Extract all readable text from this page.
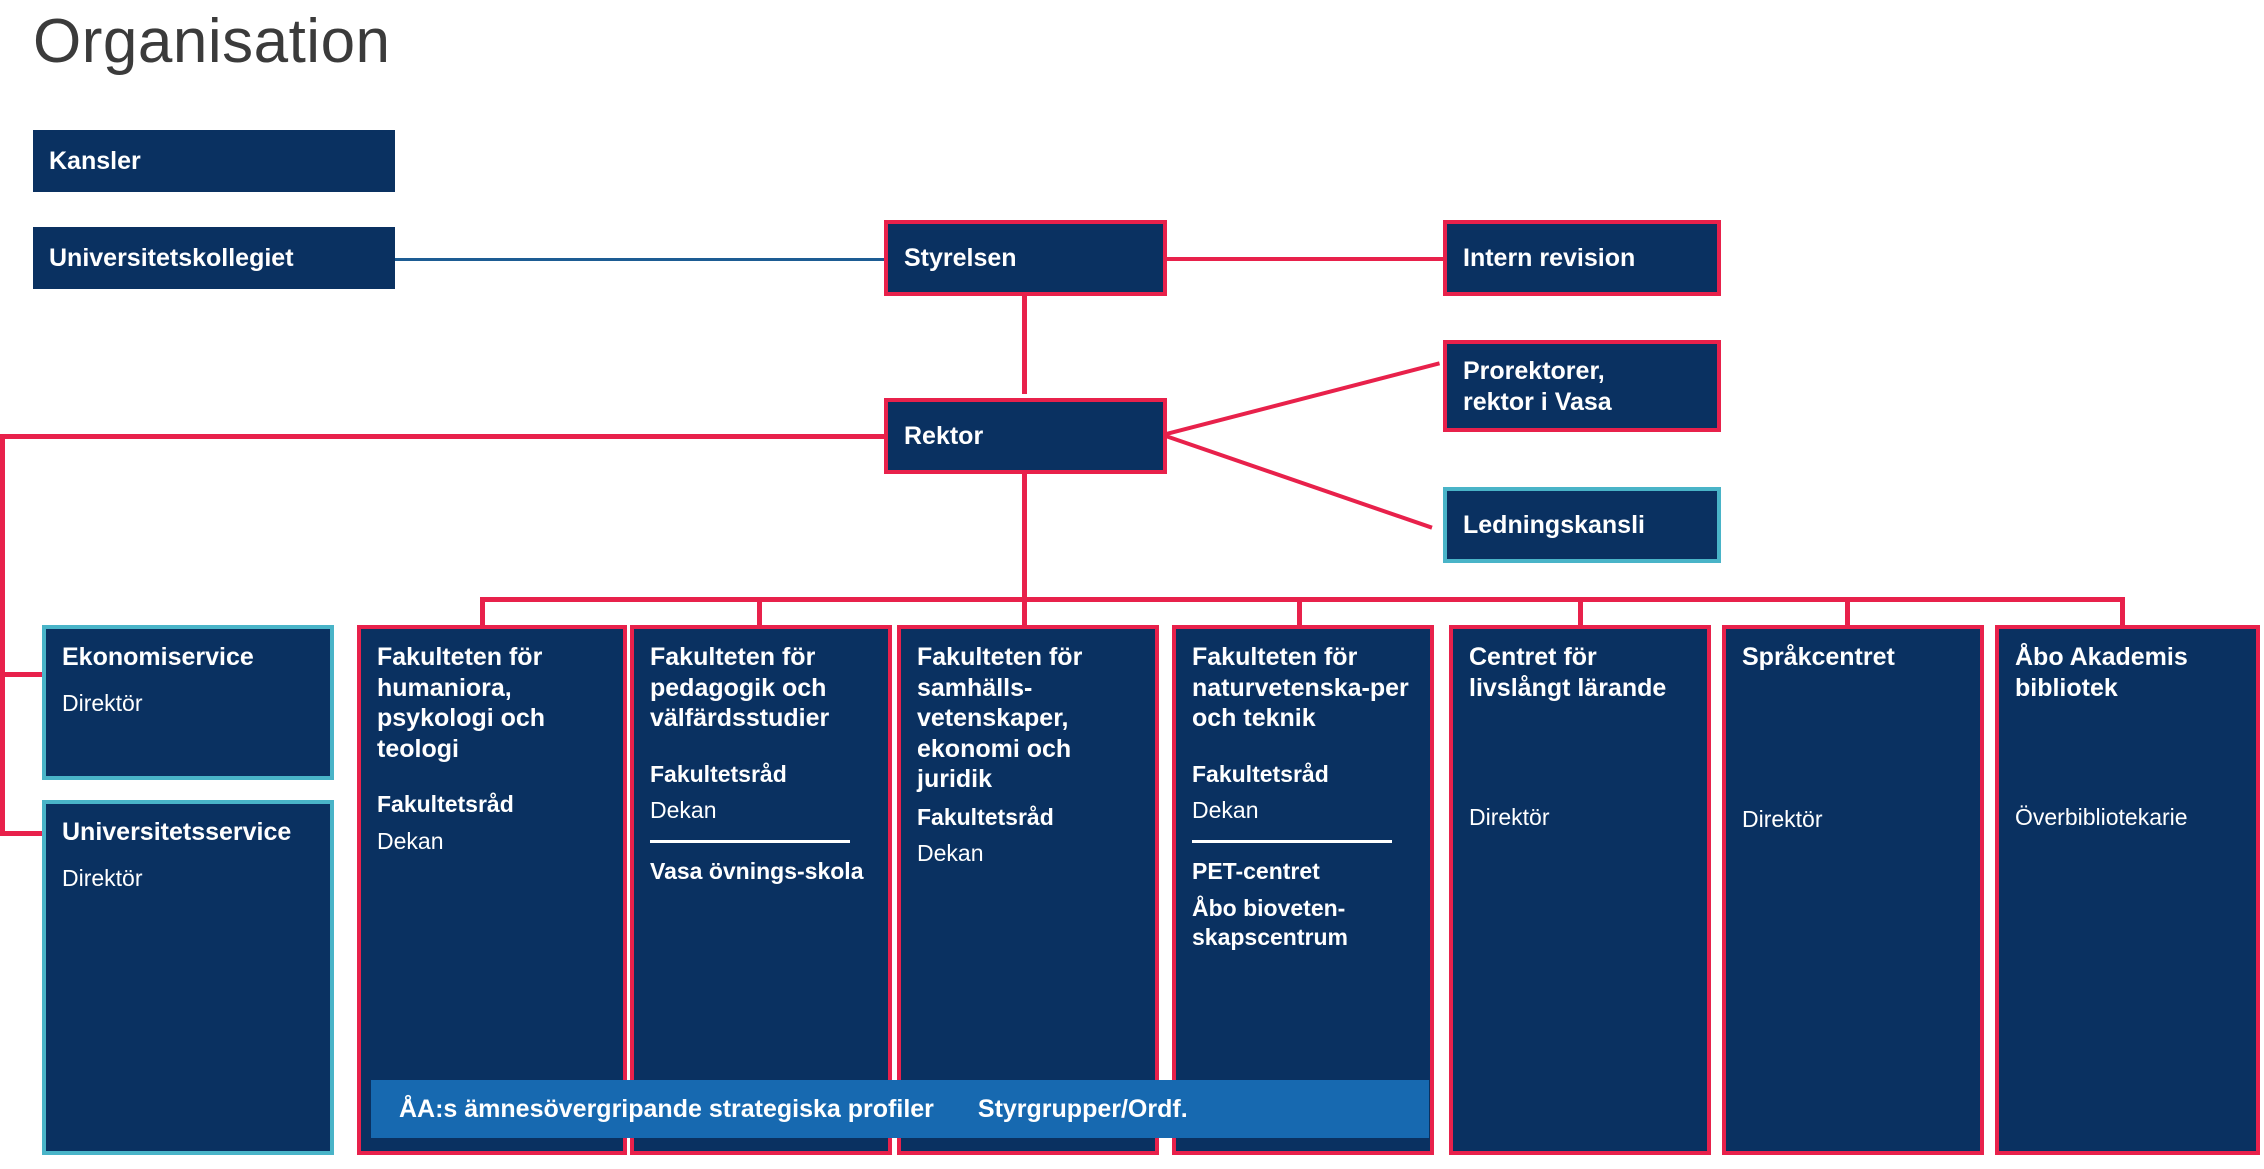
Organisation
Kansler
Universitetskollegiet	Styrelsen	Intern revision
Rektor
Prorektorer,
rektor i Vasa
Ledningskansli
Ekonomiservice
Direktör
Universitetsservice
Direktör
Fakulteten för humaniora, psykologi och teologi
Fakultetsråd
Dekan
Fakulteten för pedagogik och välfärdsstudier
Fakultetsråd
Dekan
Vasa övnings-skola
Fakulteten för samhälls-vetenskaper, ekonomi och juridik
Fakultetsråd
Dekan
Fakulteten för naturvetenska-per och teknik
Fakultetsråd
Dekan
PET-centret
Åbo bioveten-skapscentrum
Centret för livslångt lärande
Direktör
Språkcentret
Direktör
Åbo Akademis bibliotek
Överbibliotekarie
ÅA:s ämnesövergripande strategiska profiler Styrgrupper/Ordf.
